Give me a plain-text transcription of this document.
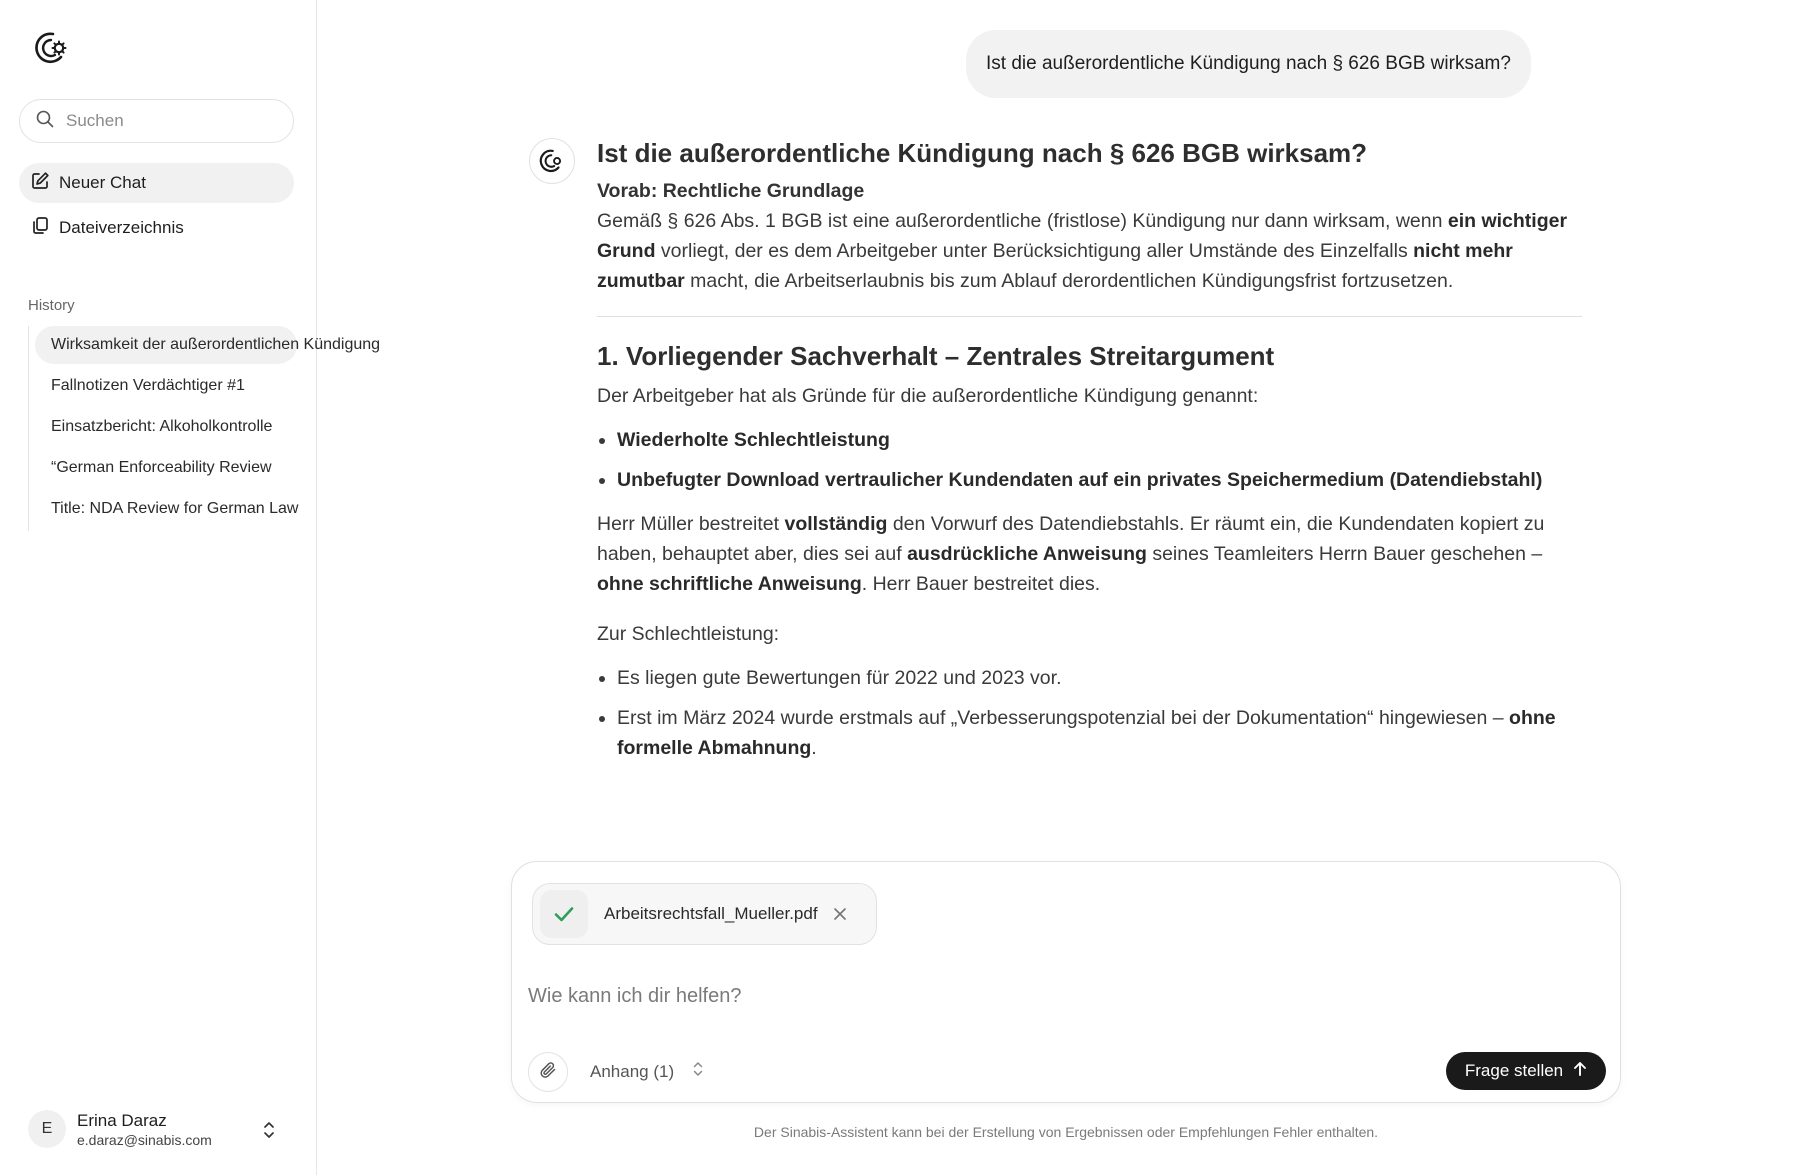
Suchen
Neuer Chat
Dateiverzeichnis
History
Wirksamkeit der außerordentlichen Kündigung
Fallnotizen Verdächtiger #1
Einsatzbericht: Alkoholkontrolle
“German Enforceability Review
Title: NDA Review for German Law
E	Erina Daraz
e.daraz@sinabis.com
Ist die außerordentliche Kündigung nach § 626 BGB wirksam?
Ist die außerordentliche Kündigung nach § 626 BGB wirksam?
Vorab: Rechtliche Grundlage

Gemäß § 626 Abs. 1 BGB ist eine außerordentliche (fristlose) Kündigung nur dann wirksam, wenn ein wichtiger Grund vorliegt, der es dem Arbeitgeber unter Berücksichtigung aller Umstände des Einzelfalls nicht mehr zumutbar macht, die Arbeitserlaubnis bis zum Ablauf derordentlichen Kündigungsfrist fortzusetzen.

1. Vorliegender Sachverhalt – Zentrales Streitargument

Der Arbeitgeber hat als Gründe für die außerordentliche Kündigung genannt:

• Wiederholte Schlechtleistung
• Unbefugter Download vertraulicher Kundendaten auf ein privates Speichermedium (Datendiebstahl)

Herr Müller bestreitet vollständig den Vorwurf des Datendiebstahls. Er räumt ein, die Kundendaten kopiert zu haben, behauptet aber, dies sei auf ausdrückliche Anweisung seines Teamleiters Herrn Bauer geschehen – ohne schriftliche Anweisung. Herr Bauer bestreitet dies.

Zur Schlechtleistung:

• Es liegen gute Bewertungen für 2022 und 2023 vor.
• Erst im März 2024 wurde erstmals auf „Verbesserungspotenzial bei der Dokumentation“ hingewiesen – ohne formelle Abmahnung.
Arbeitsrechtsfall_Mueller.pdf
Wie kann ich dir helfen?
Anhang (1)	Frage stellen
Der Sinabis-Assistent kann bei der Erstellung von Ergebnissen oder Empfehlungen Fehler enthalten.
